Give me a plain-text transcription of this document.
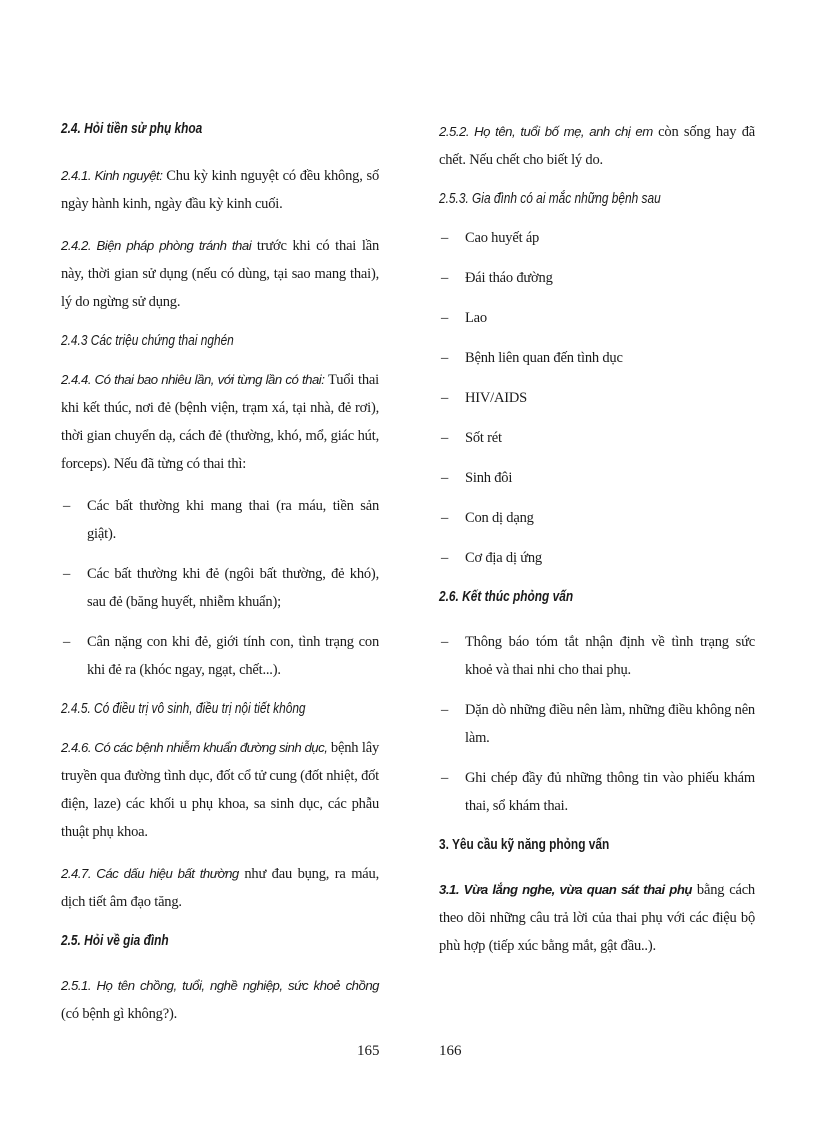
2.4. Hỏi tiền sử phụ khoa

2.4.1. Kinh nguyệt: Chu kỳ kinh nguyệt có đều không, số ngày hành kinh, ngày đầu kỳ kinh cuối.

2.4.2. Biện pháp phòng tránh thai trước khi có thai lần này, thời gian sử dụng (nếu có dùng, tại sao mang thai), lý do ngừng sử dụng.

2.4.3 Các triệu chứng thai nghén

2.4.4. Có thai bao nhiêu lần, với từng lần có thai: Tuổi thai khi kết thúc, nơi đẻ (bệnh viện, trạm xá, tại nhà, đẻ rơi), thời gian chuyển dạ, cách đẻ (thường, khó, mổ, giác hút, forceps). Nếu đã từng có thai thì:

– Các bất thường khi mang thai (ra máu, tiền sản giật).
– Các bất thường khi đẻ (ngôi bất thường, đẻ khó), sau đẻ (băng huyết, nhiễm khuẩn);
– Cân nặng con khi đẻ, giới tính con, tình trạng con khi đẻ ra (khóc ngay, ngạt, chết...).
2.4.5. Có điều trị vô sinh, điều trị nội tiết không

2.4.6. Có các bệnh nhiễm khuẩn đường sinh dục, bệnh lây truyền qua đường tình dục, đốt cổ tử cung (đốt nhiệt, đốt điện, laze) các khối u phụ khoa, sa sinh dục, các phẫu thuật phụ khoa.

2.4.7. Các dấu hiệu bất thường như đau bụng, ra máu, dịch tiết âm đạo tăng.

2.5. Hỏi về gia đình

2.5.1. Họ tên chồng, tuổi, nghề nghiệp, sức khoẻ chồng (có bệnh gì không?).

165

2.5.2. Họ tên, tuổi bố mẹ, anh chị em còn sống hay đã chết. Nếu chết cho biết lý do.

2.5.3. Gia đình có ai mắc những bệnh sau
– Cao huyết áp
– Đái tháo đường
– Lao
– Bệnh liên quan đến tình dục
– HIV/AIDS
– Sốt rét
– Sinh đôi
– Con dị dạng
– Cơ địa dị ứng
2.6. Kết thúc phỏng vấn
– Thông báo tóm tắt nhận định về tình trạng sức khoẻ và thai nhi cho thai phụ.
– Dặn dò những điều nên làm, những điều không nên làm.
– Ghi chép đầy đủ những thông tin vào phiếu khám thai, sổ khám thai.
3. Yêu cầu kỹ năng phỏng vấn

3.1. Vừa lắng nghe, vừa quan sát thai phụ bằng cách theo dõi những câu trả lời của thai phụ với các điệu bộ phù hợp (tiếp xúc bằng mắt, gật đầu..).

166
